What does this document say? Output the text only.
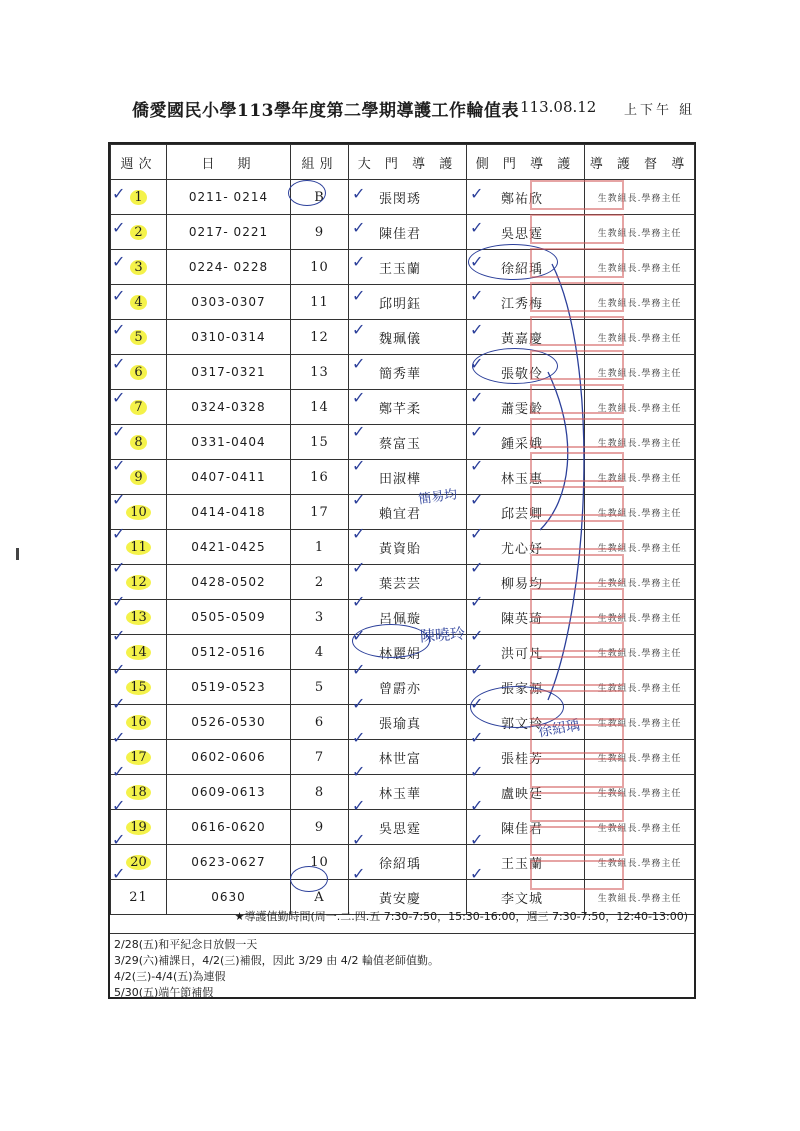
僑愛國民小學113學年度第二學期導護工作輪值表 113.08.12 上下午 組
週次	日　期	組別	大 門 導 護	側 門 導 護	導 護 督 導
1	0211- 0214	B	張閔琇	鄭祐欣	生教組長.學務主任
2	0217- 0221	9	陳佳君	吳思霆	生教組長.學務主任
3	0224- 0228	10	王玉蘭	徐紹瑀	生教組長.學務主任
4	0303-0307	11	邱明鈺	江秀梅	生教組長.學務主任
5	0310-0314	12	魏珮儀	黃嘉慶	生教組長.學務主任
6	0317-0321	13	簡秀華	張敬伶	生教組長.學務主任
7	0324-0328	14	鄭芊柔	蕭雯齡	生教組長.學務主任
8	0331-0404	15	蔡富玉	鍾采娥	生教組長.學務主任
9	0407-0411	16	田淑樺	林玉惠	生教組長.學務主任
10	0414-0418	17	賴宜君	邱芸卿	生教組長.學務主任
11	0421-0425	1	黃資貽	尤心妤	生教組長.學務主任
12	0428-0502	2	葉芸芸	柳易均	生教組長.學務主任
13	0505-0509	3	呂佩璇	陳英琦	生教組長.學務主任
14	0512-0516	4	林麗娟	洪可凡	生教組長.學務主任
15	0519-0523	5	曾霨亦	張家源	生教組長.學務主任
16	0526-0530	6	張瑜真	郭文玲	生教組長.學務主任
17	0602-0606	7	林世富	張桂芳	生教組長.學務主任
18	0609-0613	8	林玉華	盧映廷	生教組長.學務主任
19	0616-0620	9	吳思霆	陳佳君	生教組長.學務主任
20	0623-0627	10	徐紹瑀	王玉蘭	生教組長.學務主任
21	0630	A	黃安慶	李文城	生教組長.學務主任
★導護值勤時間(周一.二.四.五 7:30-7:50，15:30-16:00，週三 7:30-7:50，12:40-13:00)
2/28(五)和平紀念日放假一天
3/29(六)補課日，4/2(三)補假，因此 3/29 由 4/2 輪值老師值勤。
4/2(三)-4/4(五)為連假
5/30(五)端午節補假
簡易均
陳曉玲
徐紹瑀
✓	✓	✓
✓	✓	✓
✓	✓	✓
✓	✓	✓
✓	✓	✓
✓	✓	✓
✓	✓	✓
✓	✓	✓
✓	✓	✓
✓	✓	✓
✓	✓	✓
✓	✓	✓
✓	✓	✓
✓	✓	✓
✓	✓	✓
✓	✓	✓
✓	✓	✓
✓	✓	✓
✓	✓	✓
✓	✓	✓
✓	✓	✓
